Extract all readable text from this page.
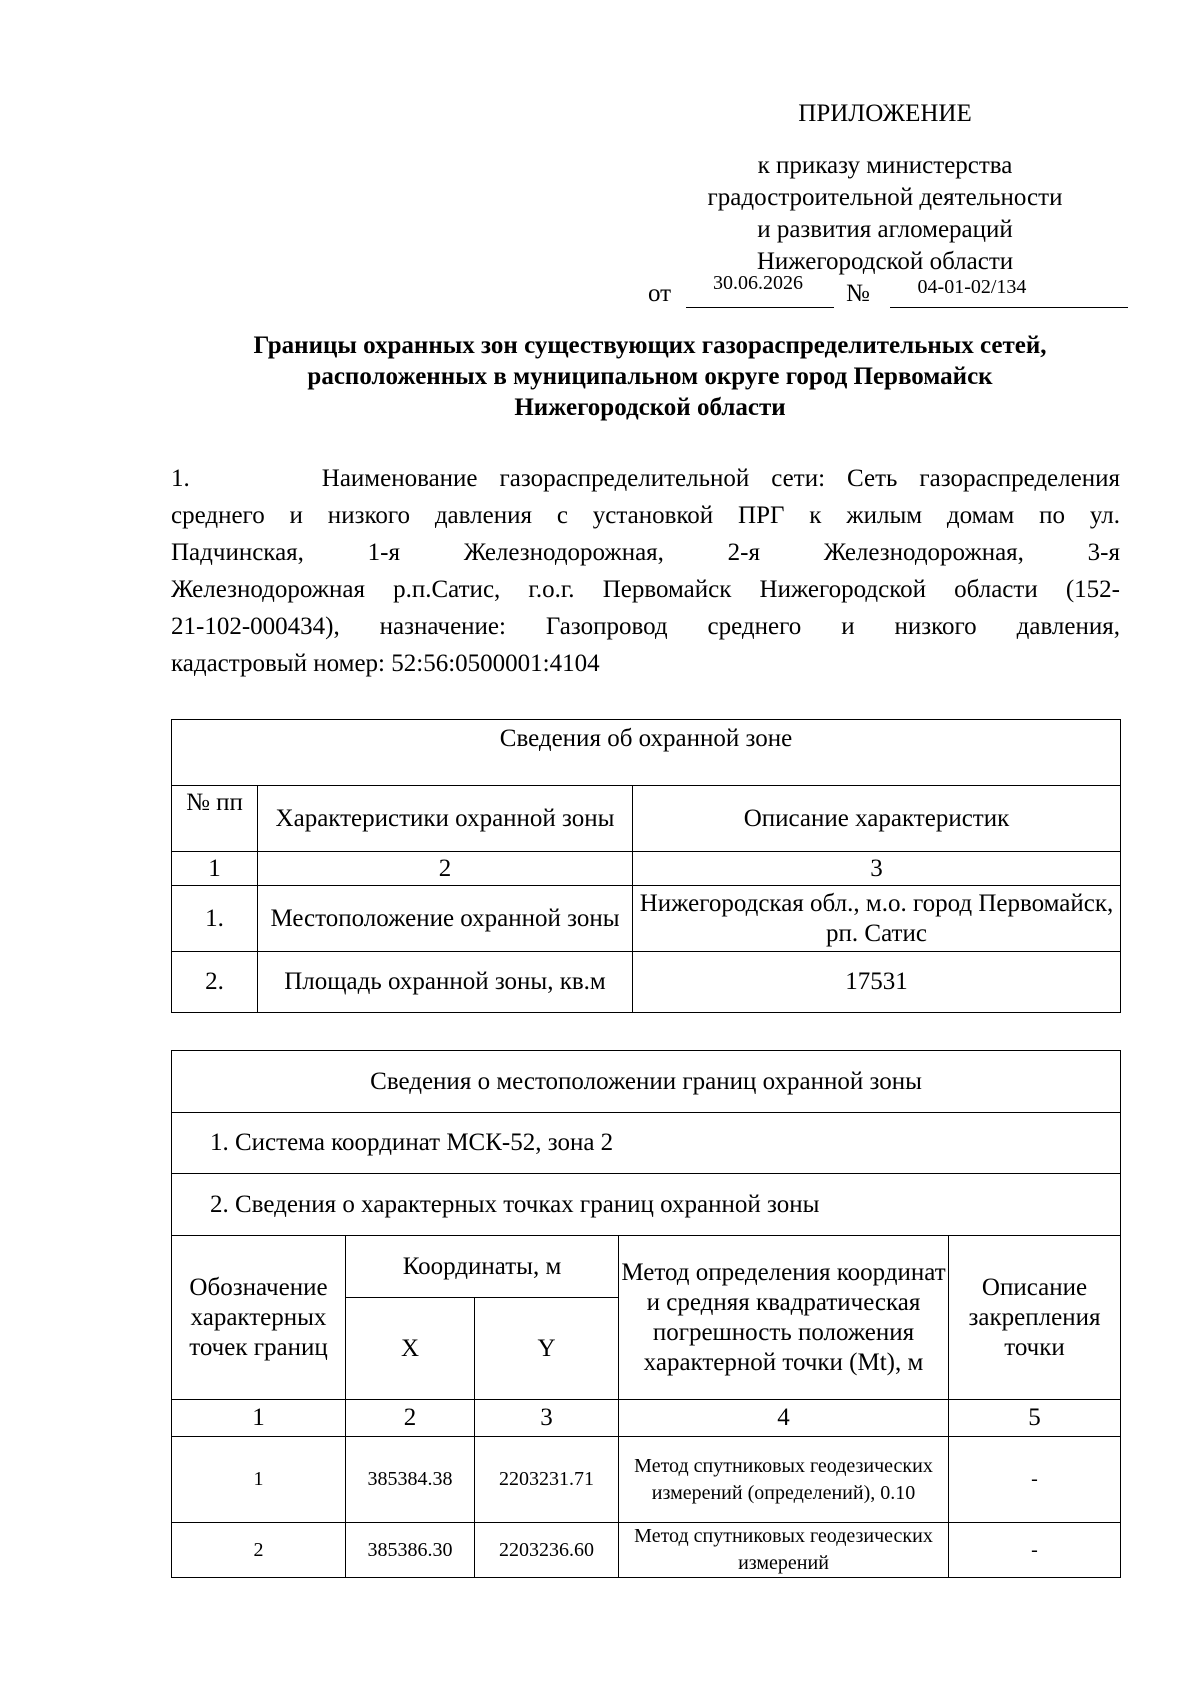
ПРИЛОЖЕНИЕ
к приказу министерства
градостроительной деятельности
и развития агломераций
Нижегородской области
от	30.06.2026	№	04-01-02/134
Границы охранных зон существующих газораспределительных сетей,
расположенных в муниципальном округе город Первомайск
Нижегородской области
1.      Наименование газораспределительной сети: Сеть газораспределения
среднего и низкого давления с установкой ПРГ к жилым домам по ул.
Падчинская, 1-я Железнодорожная, 2-я Железнодорожная, 3-я
Железнодорожная р.п.Сатис, г.о.г. Первомайск Нижегородской области (152-
21-102-000434), назначение: Газопровод среднего и низкого давления,
кадастровый номер: 52:56:0500001:4104
Сведения об охранной зоне		
№ пп	Характеристики охранной зоны	Описание характеристик
1	2	3
1.	Местоположение охранной зоны	Нижегородская обл., м.о. город Первомайск, рп. Сатис
2.	Площадь охранной зоны, кв.м	17531
Сведения о местоположении границ охранной зоны				
1. Система координат МСК-52, зона 2				
2. Сведения о характерных точках границ охранной зоны				
Обозначение характерных точек границ	Координаты, м		Метод определения координат и средняя квадратическая погрешность положения характерной точки (Mt), м	Описание закрепления точки
	X	Y		
1	2	3	4	5
1	385384.38	2203231.71	Метод спутниковых геодезических измерений (определений), 0.10	-
2	385386.30	2203236.60	Метод спутниковых геодезических измерений	-
